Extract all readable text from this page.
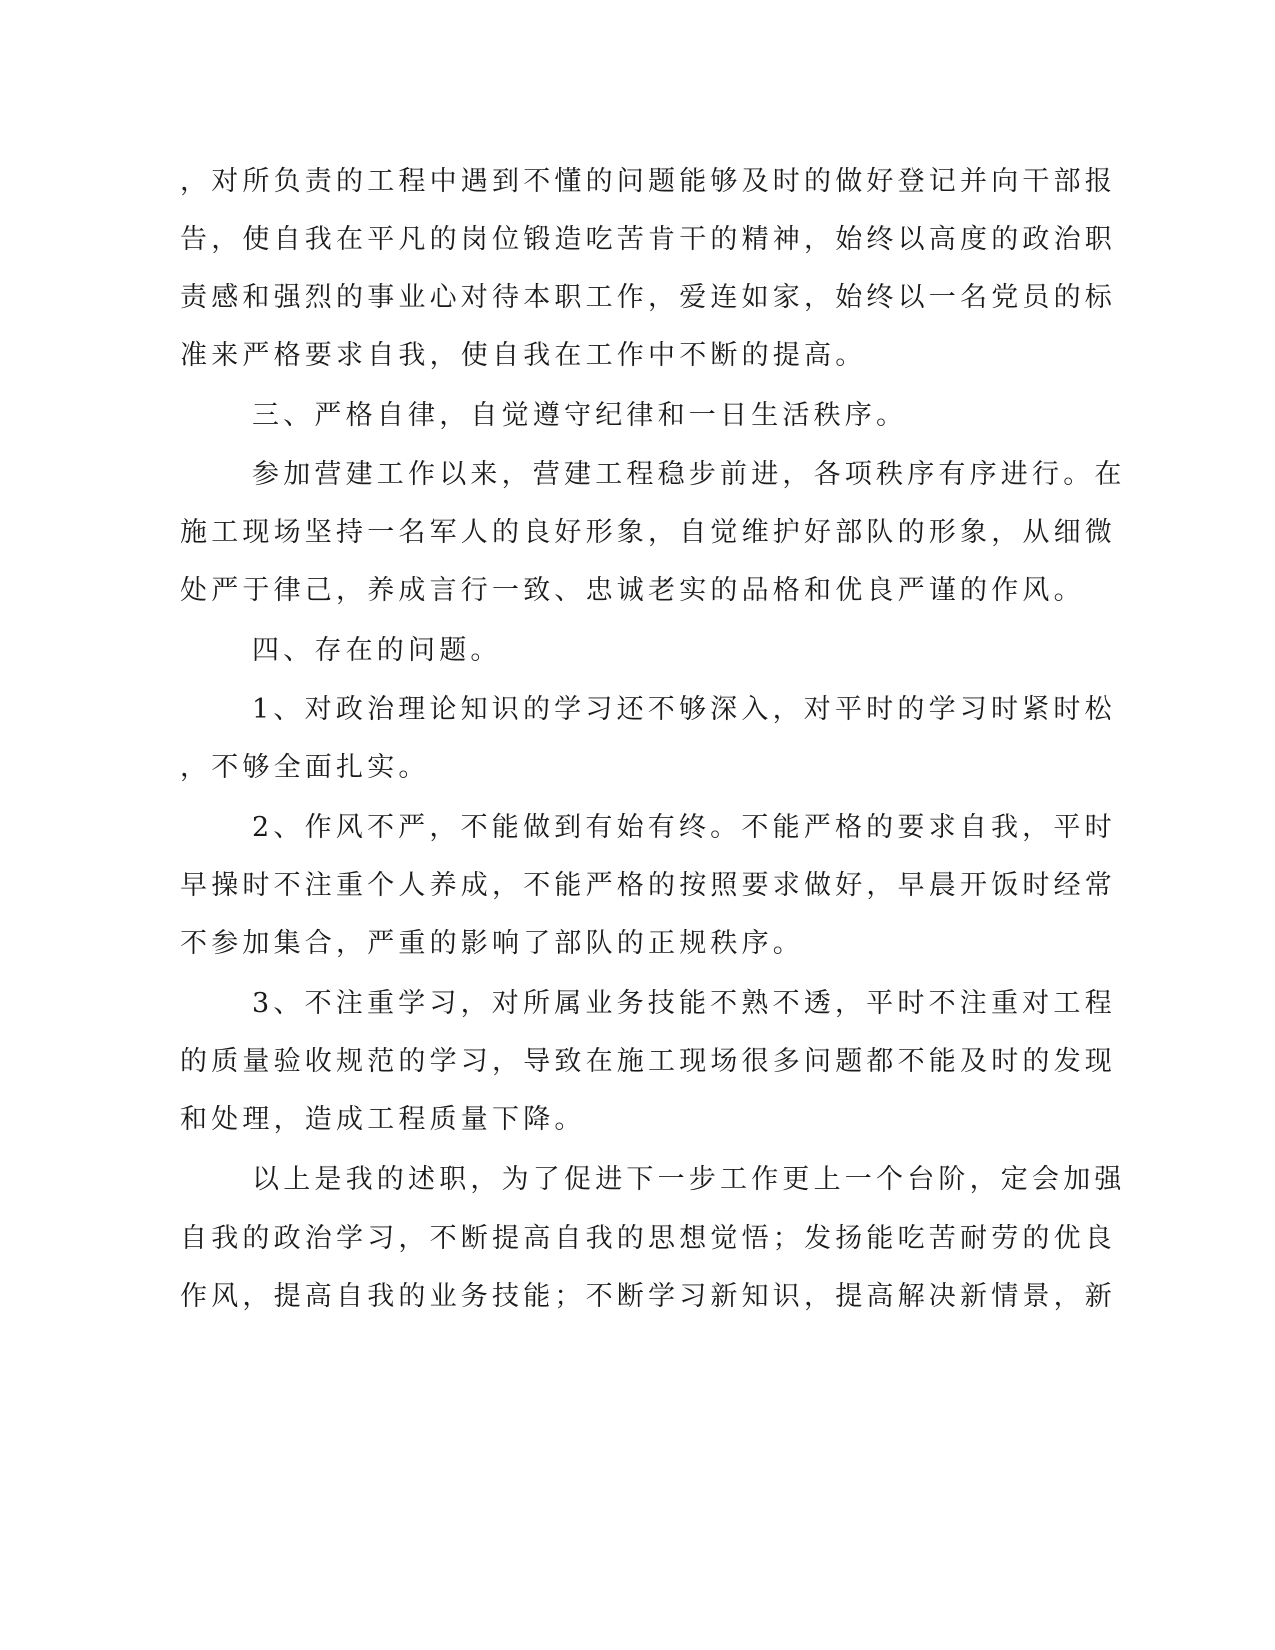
，对所负责的工程中遇到不懂的问题能够及时的做好登记并向干部报
告，使自我在平凡的岗位锻造吃苦肯干的精神，始终以高度的政治职
责感和强烈的事业心对待本职工作，爱连如家，始终以一名党员的标
准来严格要求自我，使自我在工作中不断的提高。
三、严格自律，自觉遵守纪律和一日生活秩序。
参加营建工作以来，营建工程稳步前进，各项秩序有序进行。在
施工现场坚持一名军人的良好形象，自觉维护好部队的形象，从细微
处严于律己，养成言行一致、忠诚老实的品格和优良严谨的作风。
四、存在的问题。
1、对政治理论知识的学习还不够深入，对平时的学习时紧时松
，不够全面扎实。
2、作风不严，不能做到有始有终。不能严格的要求自我，平时
早操时不注重个人养成，不能严格的按照要求做好，早晨开饭时经常
不参加集合，严重的影响了部队的正规秩序。
3、不注重学习，对所属业务技能不熟不透，平时不注重对工程
的质量验收规范的学习，导致在施工现场很多问题都不能及时的发现
和处理，造成工程质量下降。
以上是我的述职，为了促进下一步工作更上一个台阶，定会加强
自我的政治学习，不断提高自我的思想觉悟；发扬能吃苦耐劳的优良
作风，提高自我的业务技能；不断学习新知识，提高解决新情景，新
